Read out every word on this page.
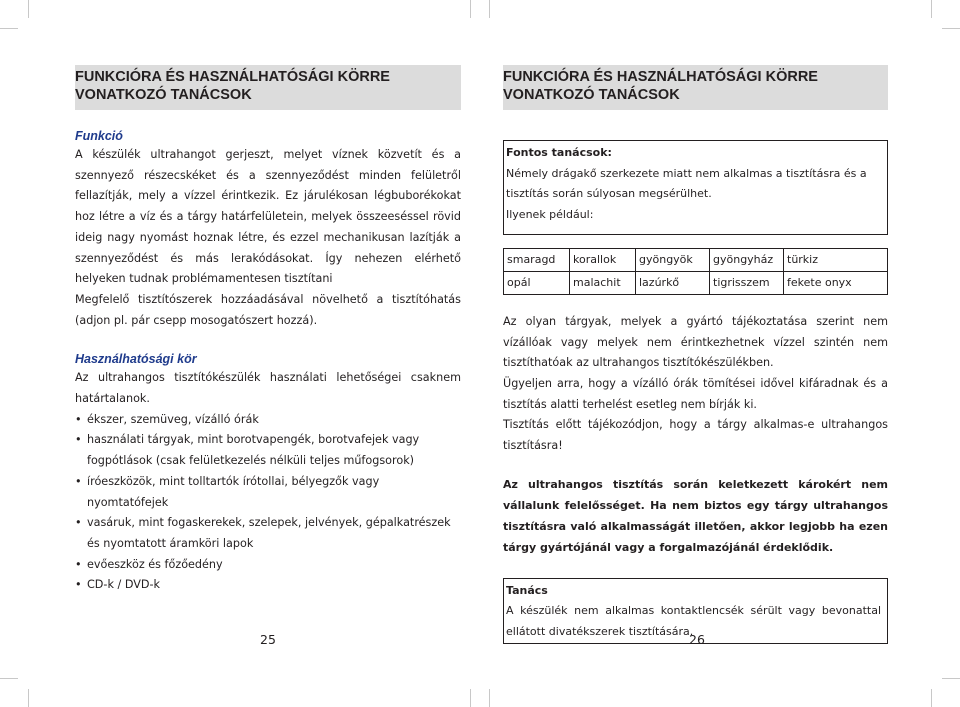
FUNKCIÓRA ÉS HASZNÁLHATÓSÁGI KÖRRE VONATKOZÓ TANÁCSOK
Funkció

A készülék ultrahangot gerjeszt, melyet víznek közvetít és a szennyező részecskéket és a szennyeződést minden felületről fellazítják, mely a vízzel érintkezik. Ez járulékosan légbuborékokat hoz létre a víz és a tárgy határfelületein, melyek összeeséssel rövid ideig nagy nyomást hoznak létre, és ezzel mechanikusan lazítják a szennyeződést és más lerakódásokat. Így nehezen elérhető helyeken tudnak problémamentesen tisztítani

Megfelelő tisztítószerek hozzáadásával növelhető a tisztítóhatás (adjon pl. pár csepp mosogatószert hozzá).

Használhatósági kör

Az ultrahangos tisztítókészülék használati lehetőségei csaknem határtalanok.

• ékszer, szemüveg, vízálló órák
• használati tárgyak, mint borotvapengék, borotvafejek vagy fogpótlások (csak felületkezelés nélküli teljes műfogsorok)
• íróeszközök, mint tolltartók írótollai, bélyegzők vagy nyomtatófejek
• vasáruk, mint fogaskerekek, szelepek, jelvények, gépalkatrészek és nyomtatott áramköri lapok
• evőeszköz és főzőedény
• CD-k / DVD-k
25
FUNKCIÓRA ÉS HASZNÁLHATÓSÁGI KÖRRE VONATKOZÓ TANÁCSOK
Fontos tanácsok:

Némely drágakő szerkezete miatt nem alkalmas a tisztításra és a tisztítás során súlyosan megsérülhet.

Ilyenek például:

smaragd	korallok	gyöngyök	gyöngyház	türkiz
opál	malachit	lazúrkő	tigrisszem	fekete onyx

Az olyan tárgyak, melyek a gyártó tájékoztatása szerint nem vízállóak vagy melyek nem érintkezhetnek vízzel szintén nem tisztíthatóak az ultrahangos tisztítókészülékben.

Ügyeljen arra, hogy a vízálló órák tömítései idővel kifáradnak és a tisztítás alatti terhelést esetleg nem bírják ki.

Tisztítás előtt tájékozódjon, hogy a tárgy alkalmas-e ultrahangos tisztításra!

Az ultrahangos tisztítás során keletkezett károkért nem vállalunk felelősséget. Ha nem biztos egy tárgy ultrahangos tisztításra való alkalmasságát illetően, akkor legjobb ha ezen tárgy gyártójánál vagy a forgalmazójánál érdeklődik.

Tanács

A készülék nem alkalmas kontaktlencsék sérült vagy bevonattal ellátott divatékszerek tisztítására.

26
